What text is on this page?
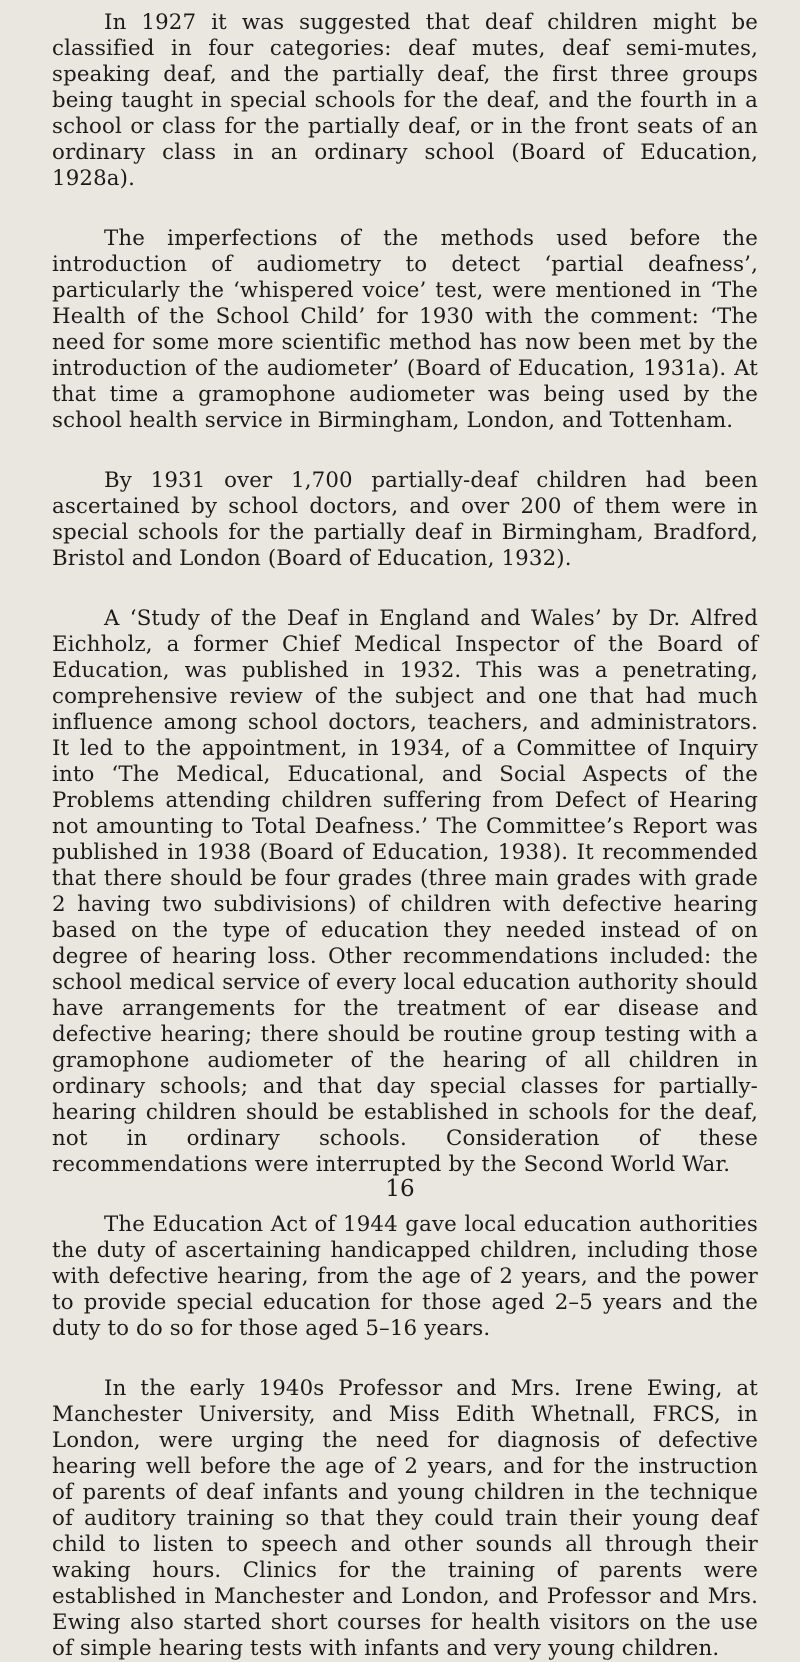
In 1927 it was suggested that deaf children might be classified in four categories: deaf mutes, deaf semi-mutes, speaking deaf, and the partially deaf, the first three groups being taught in special schools for the deaf, and the fourth in a school or class for the partially deaf, or in the front seats of an ordinary class in an ordinary school (Board of Education, 1928a).

The imperfections of the methods used before the introduction of audiometry to detect ‘partial deafness’, particularly the ‘whispered voice’ test, were mentioned in ‘The Health of the School Child’ for 1930 with the comment: ‘The need for some more scientific method has now been met by the introduction of the audiometer’ (Board of Education, 1931a). At that time a gramophone audiometer was being used by the school health service in Birmingham, London, and Tottenham.

By 1931 over 1,700 partially-deaf children had been ascertained by school doctors, and over 200 of them were in special schools for the partially deaf in Birmingham, Bradford, Bristol and London (Board of Education, 1932).

A ‘Study of the Deaf in England and Wales’ by Dr. Alfred Eichholz, a former Chief Medical Inspector of the Board of Education, was published in 1932. This was a penetrating, comprehensive review of the subject and one that had much influence among school doctors, teachers, and administrators. It led to the appointment, in 1934, of a Committee of Inquiry into ‘The Medical, Educational, and Social Aspects of the Problems attending children suffering from Defect of Hearing not amounting to Total Deafness.’ The Committee’s Report was published in 1938 (Board of Education, 1938). It recommended that there should be four grades (three main grades with grade 2 having two subdivisions) of children with defective hearing based on the type of education they needed instead of on degree of hearing loss. Other recommendations included: the school medical service of every local education authority should have arrangements for the treatment of ear disease and defective hearing; there should be routine group testing with a gramophone audiometer of the hearing of all children in ordinary schools; and that day special classes for partially-hearing children should be established in schools for the deaf, not in ordinary schools. Consideration of these recommendations were interrupted by the Second World War.

The Education Act of 1944 gave local education authorities the duty of ascertaining handicapped children, including those with defective hearing, from the age of 2 years, and the power to provide special education for those aged 2–5 years and the duty to do so for those aged 5–16 years.

In the early 1940s Professor and Mrs. Irene Ewing, at Manchester University, and Miss Edith Whetnall, FRCS, in London, were urging the need for diagnosis of defective hearing well before the age of 2 years, and for the instruction of parents of deaf infants and young children in the technique of auditory training so that they could train their young deaf child to listen to speech and other sounds all through their waking hours. Clinics for the training of parents were established in Manchester and London, and Professor and Mrs. Ewing also started short courses for health visitors on the use of simple hearing tests with infants and very young children.

16
